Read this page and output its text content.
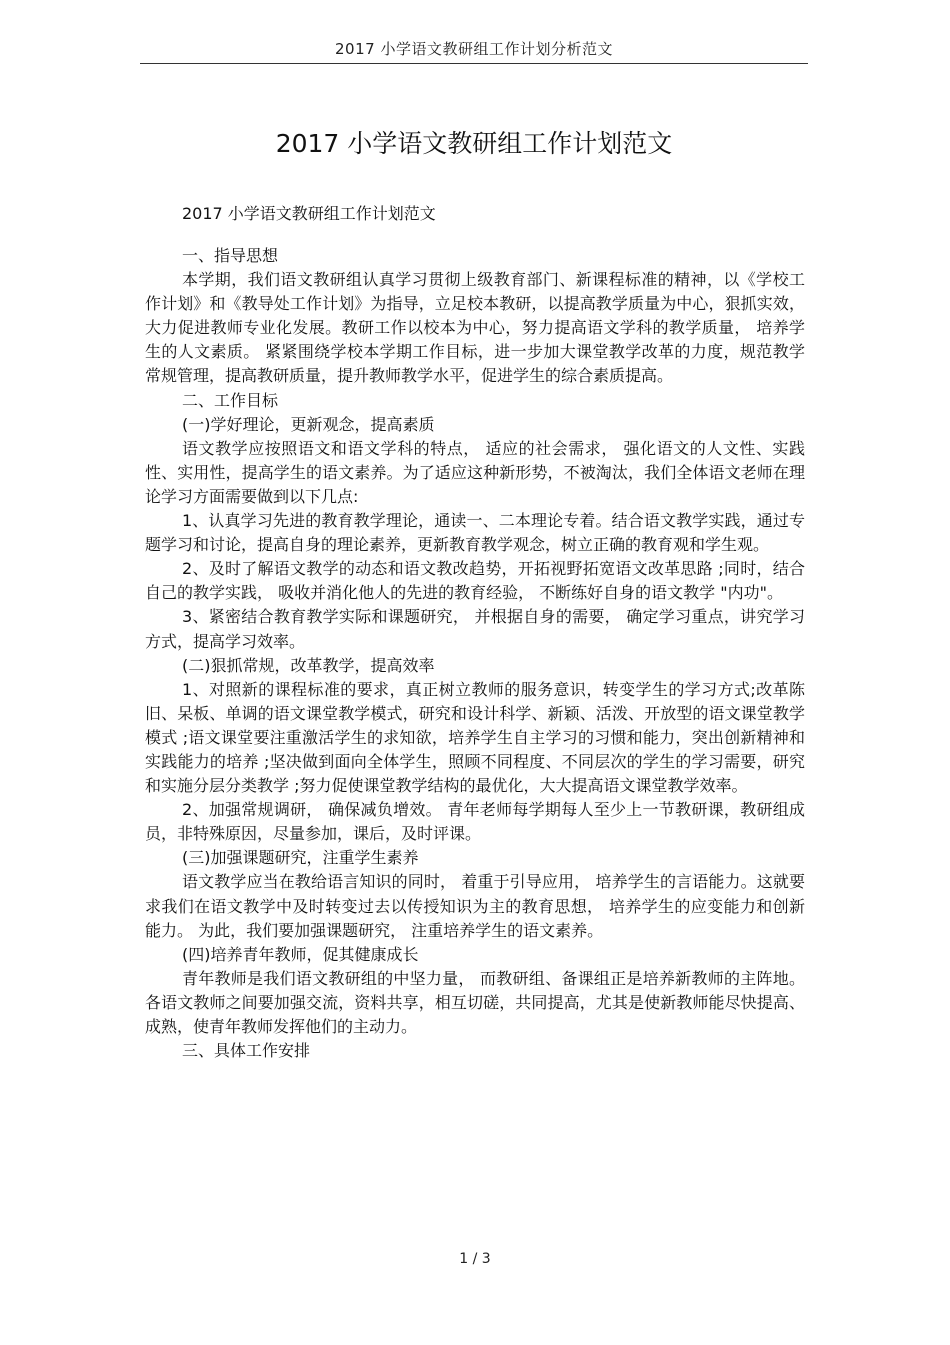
2017 小学语文教研组工作计划分析范文
2017 小学语文教研组工作计划范文

2017 小学语文教研组工作计划范文

一、指导思想

本学期，我们语文教研组认真学习贯彻上级教育部门、新课程标准的精神，以《学校工作计划》和《教导处工作计划》为指导，立足校本教研，以提高教学质量为中心，狠抓实效，大力促进教师专业化发展。教研工作以校本为中心，努力提高语文学科的教学质量， 培养学生的人文素质。 紧紧围绕学校本学期工作目标，进一步加大课堂教学改革的力度，规范教学常规管理，提高教研质量，提升教师教学水平，促进学生的综合素质提高。

二、工作目标

(一)学好理论，更新观念，提高素质

语文教学应按照语文和语文学科的特点， 适应的社会需求， 强化语文的人文性、实践性、实用性，提高学生的语文素养。为了适应这种新形势，不被淘汰，我们全体语文老师在理论学习方面需要做到以下几点:

1、认真学习先进的教育教学理论，通读一、二本理论专着。结合语文教学实践，通过专题学习和讨论，提高自身的理论素养，更新教育教学观念，树立正确的教育观和学生观。

2、及时了解语文教学的动态和语文教改趋势，开拓视野拓宽语文改革思路 ;同时，结合自己的教学实践， 吸收并消化他人的先进的教育经验， 不断练好自身的语文教学 "内功"。

3、紧密结合教育教学实际和课题研究， 并根据自身的需要， 确定学习重点，讲究学习方式，提高学习效率。

(二)狠抓常规，改革教学，提高效率

1、对照新的课程标准的要求，真正树立教师的服务意识，转变学生的学习方式;改革陈旧、呆板、单调的语文课堂教学模式，研究和设计科学、新颖、活泼、开放型的语文课堂教学模式 ;语文课堂要注重激活学生的求知欲，培养学生自主学习的习惯和能力，突出创新精神和实践能力的培养 ;坚决做到面向全体学生，照顾不同程度、不同层次的学生的学习需要，研究和实施分层分类教学 ;努力促使课堂教学结构的最优化，大大提高语文课堂教学效率。

2、加强常规调研， 确保减负增效。 青年老师每学期每人至少上一节教研课，教研组成员，非特殊原因，尽量参加，课后，及时评课。

(三)加强课题研究，注重学生素养

语文教学应当在教给语言知识的同时， 着重于引导应用， 培养学生的言语能力。这就要求我们在语文教学中及时转变过去以传授知识为主的教育思想， 培养学生的应变能力和创新能力。 为此，我们要加强课题研究， 注重培养学生的语文素养。

(四)培养青年教师，促其健康成长

青年教师是我们语文教研组的中坚力量， 而教研组、备课组正是培养新教师的主阵地。各语文教师之间要加强交流，资料共享，相互切磋，共同提高，尤其是使新教师能尽快提高、成熟，使青年教师发挥他们的主动力。

三、具体工作安排

1 / 3
